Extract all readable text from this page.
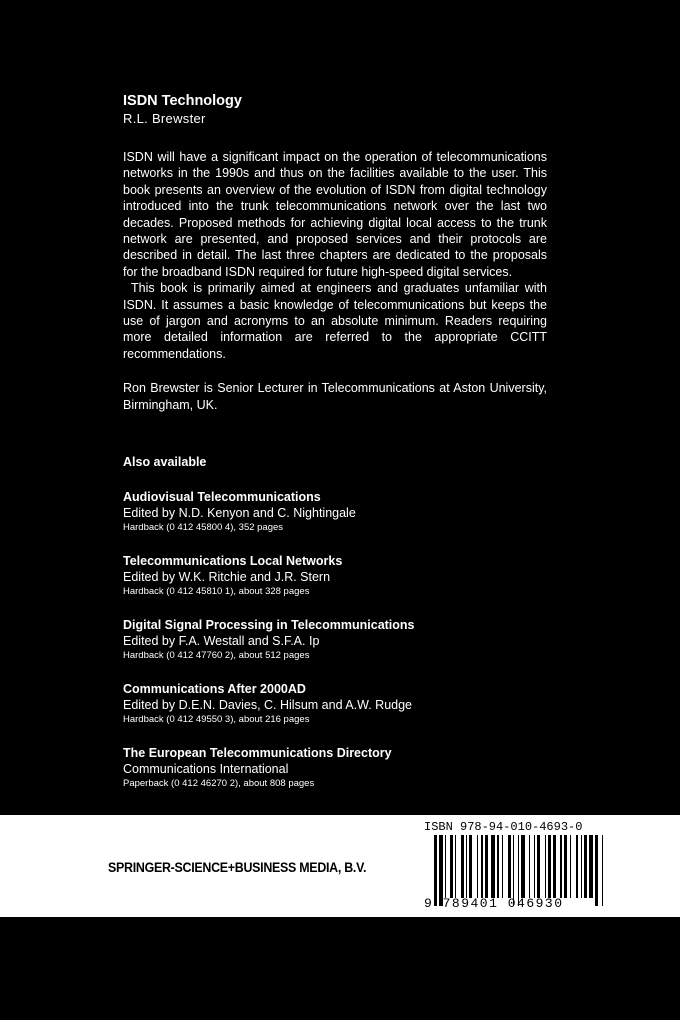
ISDN Technology

R.L. Brewster

ISDN will have a significant impact on the operation of telecommunications networks in the 1990s and thus on the facilities available to the user. This book presents an overview of the evolution of ISDN from digital technology introduced into the trunk telecommunications network over the last two decades. Proposed methods for achieving digital local access to the trunk network are presented, and proposed services and their protocols are described in detail. The last three chapters are dedicated to the proposals for the broadband ISDN required for future high-speed digital services.

This book is primarily aimed at engineers and graduates unfamiliar with ISDN. It assumes a basic knowledge of telecommunications but keeps the use of jargon and acronyms to an absolute minimum. Readers requiring more detailed information are referred to the appropriate CCITT recommendations.

Ron Brewster is Senior Lecturer in Telecommunications at Aston University, Birmingham, UK.

Also available
Audiovisual Telecommunications
Edited by N.D. Kenyon and C. Nightingale
Hardback (0 412 45800 4), 352 pages
Telecommunications Local Networks
Edited by W.K. Ritchie and J.R. Stern
Hardback (0 412 45810 1), about 328 pages
Digital Signal Processing in Telecommunications
Edited by F.A. Westall and S.F.A. Ip
Hardback (0 412 47760 2), about 512 pages
Communications After 2000AD
Edited by D.E.N. Davies, C. Hilsum and A.W. Rudge
Hardback (0 412 49550 3), about 216 pages
The European Telecommunications Directory
Communications International
Paperback (0 412 46270 2), about 808 pages
SPRINGER-SCIENCE+BUSINESS MEDIA, B.V.
ISBN 978-94-010-4693-0
9 789401 046930
